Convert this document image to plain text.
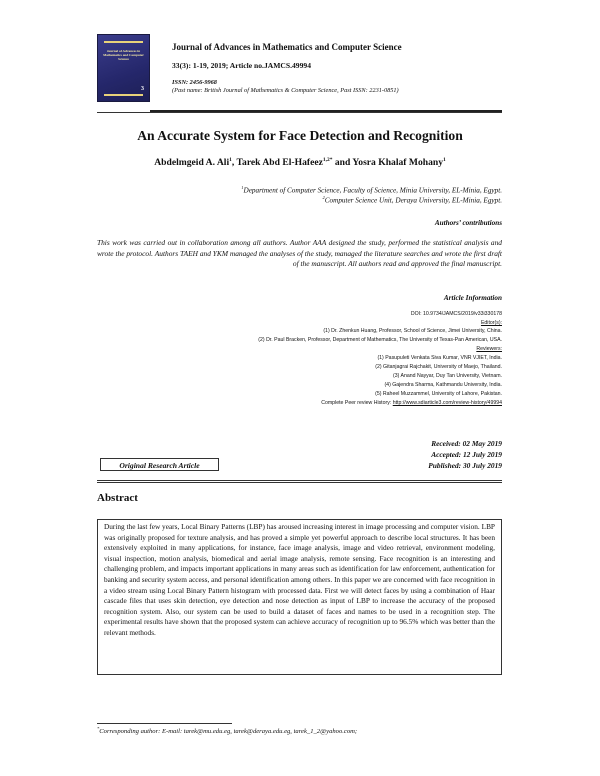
Journal of Advances in Mathematics and Computer Science
3
Journal of Advances in Mathematics and Computer Science
33(3): 1-19, 2019; Article no.JAMCS.49994
ISSN: 2456-9968
(Past name: British Journal of Mathematics & Computer Science, Past ISSN: 2231-0851)
An Accurate System for Face Detection and Recognition
Abdelmgeid A. Ali$^1$, Tarek Abd El-Hafeez$^{1,2*}$ and Yosra Khalaf Mohany$^1$
$^1$Department of Computer Science, Faculty of Science, Minia University, EL-Minia, Egypt.
$^2$Computer Science Unit, Deraya University, EL-Minia, Egypt.
Authors’ contributions
This work was carried out in collaboration among all authors. Author AAA designed the study, performed the statistical analysis and wrote the protocol. Authors TAEH and YKM managed the analyses of the study, managed the literature searches and wrote the first draft of the manuscript. All authors read and approved the final manuscript.
Article Information
DOI: 10.9734/JAMCS/2019/v33i330178
Editor(s):
(1) Dr. Zhenkun Huang, Professor, School of Science, Jimei University, China.
(2) Dr. Paul Bracken, Professor, Department of Mathematics, The University of Texas-Pan American, USA.
Reviewers:
(1) Pasupuleti Venkata Siva Kumar, VNR VJIET, India.
(2) Gitanjagrai Rajchakit, University of Maejo, Thailand.
(3) Anand Nayyar, Duy Tan University, Vietnam.
(4) Gajendra Sharma, Kathmandu University, India.
(5) Raheel Muzzammel, University of Lahore, Pakistan.
Complete Peer review History: http://www.sdiarticle3.com/review-history/49994
Received: 02 May 2019
Accepted: 12 July 2019
Published: 30 July 2019
Original Research Article
Abstract
During the last few years, Local Binary Patterns (LBP) has aroused increasing interest in image processing and computer vision. LBP was originally proposed for texture analysis, and has proved a simple yet powerful approach to describe local structures. It has been extensively exploited in many applications, for instance, face image analysis, image and video retrieval, environment modeling, visual inspection, motion analysis, biomedical and aerial image analysis, remote sensing. Face recognition is an interesting and challenging problem, and impacts important applications in many areas such as identification for law enforcement, authentication for banking and security system access, and personal identification among others. In this paper we are concerned with face recognition in a video stream using Local Binary Pattern histogram with processed data. First we will detect faces by using a combination of Haar cascade files that uses skin detection, eye detection and nose detection as input of LBP to increase the accuracy of the proposed recognition system. Also, our system can be used to build a dataset of faces and names to be used in a recognition step. The experimental results have shown that the proposed system can achieve accuracy of recognition up to 96.5% which was better than the relevant methods.
*Corresponding author: E-mail: tarek@mu.edu.eg, tarek@deraya.edu.eg, tarek_1_2@yahoo.com;
